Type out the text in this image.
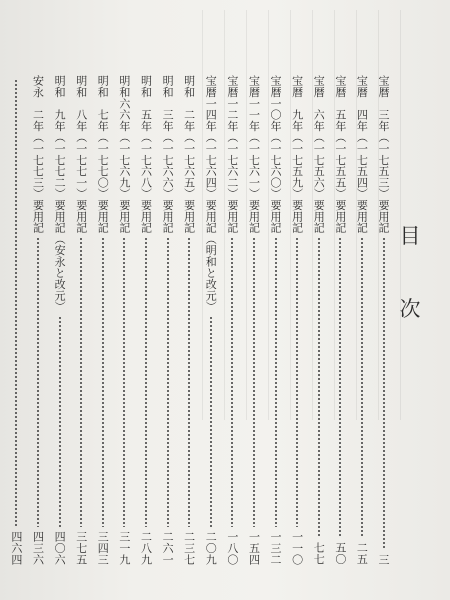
目
次
宝暦　三年（一七五三）要用記
三
宝暦　四年（一七五四）要用記
二五
宝暦　五年（一七五五）要用記
五〇
宝暦　六年（一七五六）要用記
七七
宝暦　九年（一七五九）要用記
一一〇
宝暦一〇年（一七六〇）要用記
一三二
宝暦一一年（一七六一）要用記
一五四
宝暦一二年（一七六二）要用記
一八〇
宝暦一四年（一七六四）要用記（明和と改元）
二〇九
明和　二年（一七六五）要用記
二三七
明和　三年（一七六六）要用記
二六一
明和　五年（一七六八）要用記
二八九
明和六六年（一七六九）要用記
三一九
明和　七年（一七七〇）要用記
三四三
明和　八年（一七七一）要用記
三七五
明和　九年（一七七二）要用記（安永と改元）
四〇六
安永　二年（一七七三）要用記
四三六
四六四
